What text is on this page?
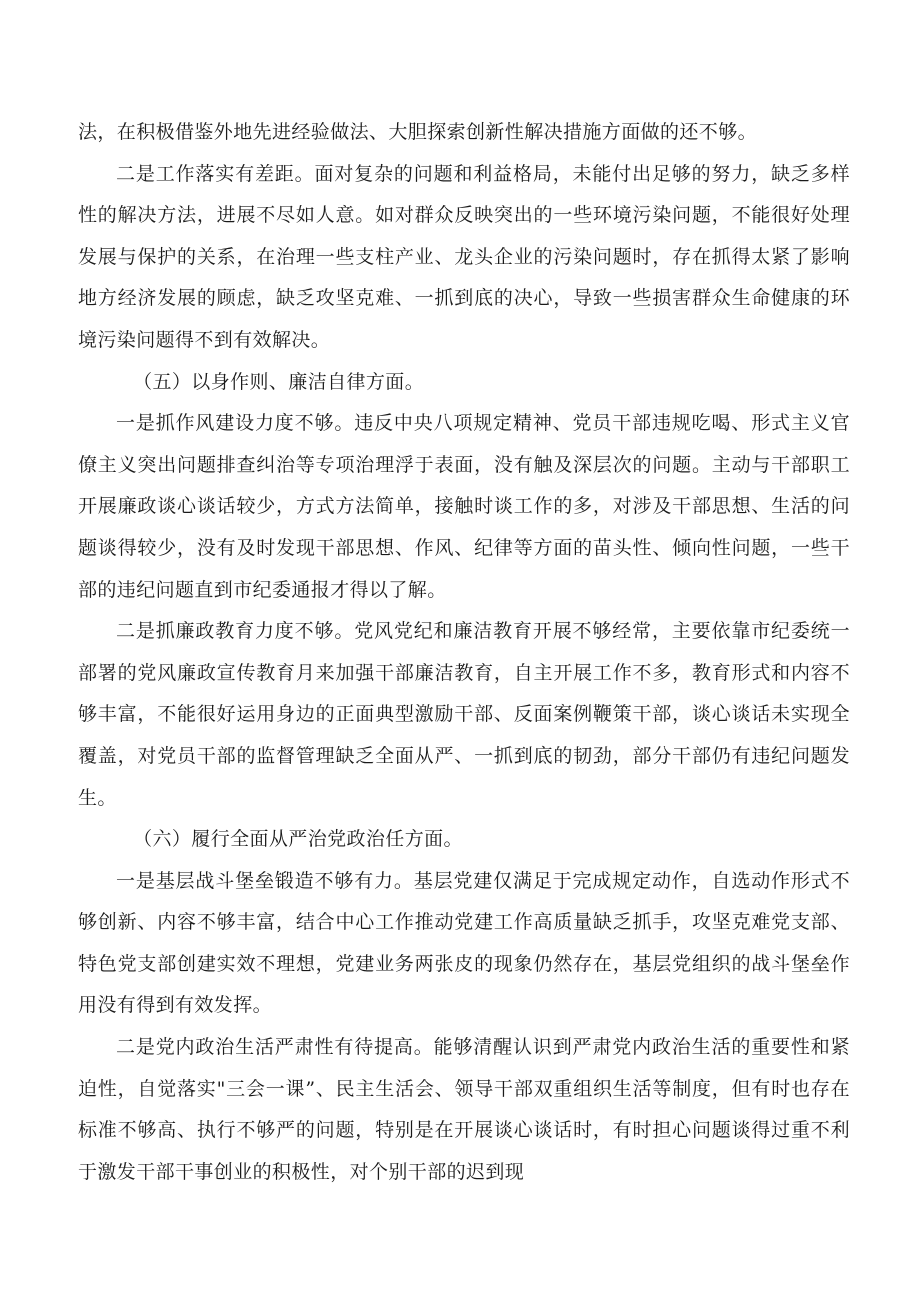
法，在积极借鉴外地先进经验做法、大胆探索创新性解决措施方面做的还不够。

二是工作落实有差距。面对复杂的问题和利益格局，未能付出足够的努力，缺乏多样性的解决方法，进展不尽如人意。如对群众反映突出的一些环境污染问题，不能很好处理发展与保护的关系，在治理一些支柱产业、龙头企业的污染问题时，存在抓得太紧了影响地方经济发展的顾虑，缺乏攻坚克难、一抓到底的决心，导致一些损害群众生命健康的环境污染问题得不到有效解决。

（五）以身作则、廉洁自律方面。

一是抓作风建设力度不够。违反中央八项规定精神、党员干部违规吃喝、形式主义官僚主义突出问题排查纠治等专项治理浮于表面，没有触及深层次的问题。主动与干部职工开展廉政谈心谈话较少，方式方法简单，接触时谈工作的多，对涉及干部思想、生活的问题谈得较少，没有及时发现干部思想、作风、纪律等方面的苗头性、倾向性问题，一些干部的违纪问题直到市纪委通报才得以了解。

二是抓廉政教育力度不够。党风党纪和廉洁教育开展不够经常，主要依靠市纪委统一部署的党风廉政宣传教育月来加强干部廉洁教育，自主开展工作不多，教育形式和内容不够丰富，不能很好运用身边的正面典型激励干部、反面案例鞭策干部，谈心谈话未实现全覆盖，对党员干部的监督管理缺乏全面从严、一抓到底的韧劲，部分干部仍有违纪问题发生。

（六）履行全面从严治党政治任方面。

一是基层战斗堡垒锻造不够有力。基层党建仅满足于完成规定动作，自选动作形式不够创新、内容不够丰富，结合中心工作推动党建工作高质量缺乏抓手，攻坚克难党支部、特色党支部创建实效不理想，党建业务两张皮的现象仍然存在，基层党组织的战斗堡垒作用没有得到有效发挥。

二是党内政治生活严肃性有待提高。能够清醒认识到严肃党内政治生活的重要性和紧迫性，自觉落实"三会一课”、民主生活会、领导干部双重组织生活等制度，但有时也存在标准不够高、执行不够严的问题，特别是在开展谈心谈话时，有时担心问题谈得过重不利于激发干部干事创业的积极性，对个别干部的迟到现
